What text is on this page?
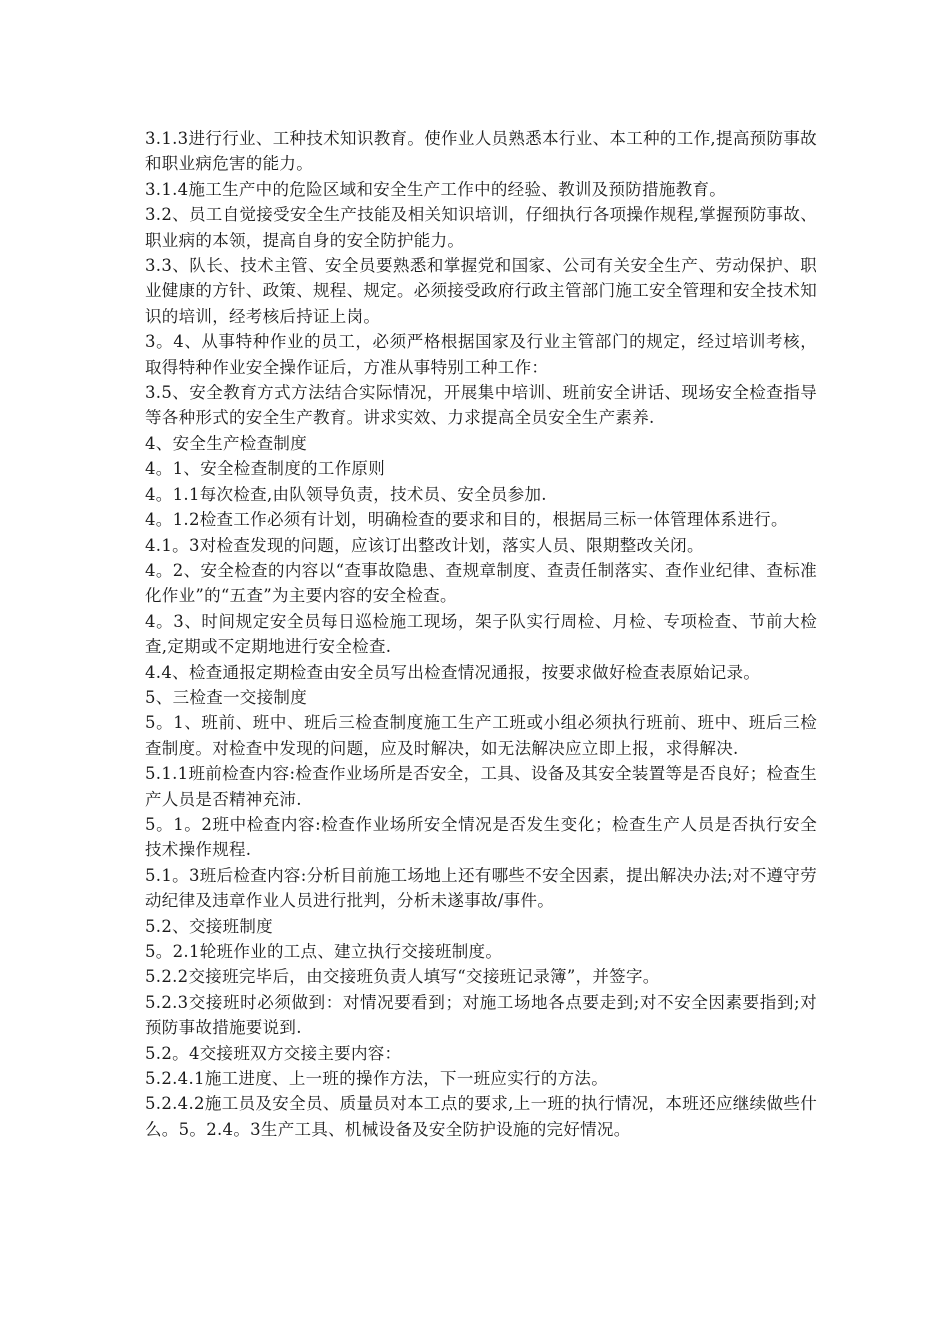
3.1.3进行行业、工种技术知识教育。使作业人员熟悉本行业、本工种的工作,提高预防事故和职业病危害的能力。

3.1.4施工生产中的危险区域和安全生产工作中的经验、教训及预防措施教育。

3.2、员工自觉接受安全生产技能及相关知识培训，仔细执行各项操作规程,掌握预防事故、职业病的本领，提高自身的安全防护能力。

3.3、队长、技术主管、安全员要熟悉和掌握党和国家、公司有关安全生产、劳动保护、职业健康的方针、政策、规程、规定。必须接受政府行政主管部门施工安全管理和安全技术知识的培训，经考核后持证上岗。

3。4、从事特种作业的员工，必须严格根据国家及行业主管部门的规定，经过培训考核，取得特种作业安全操作证后，方准从事特别工种工作：

3.5、安全教育方式方法结合实际情况，开展集中培训、班前安全讲话、现场安全检查指导等各种形式的安全生产教育。讲求实效、力求提高全员安全生产素养.

4、安全生产检查制度

4。1、安全检查制度的工作原则

4。1.1每次检查,由队领导负责，技术员、安全员参加.

4。1.2检查工作必须有计划，明确检查的要求和目的，根据局三标一体管理体系进行。

4.1。3对检查发现的问题，应该订出整改计划，落实人员、限期整改关闭。

4。2、安全检查的内容以“查事故隐患、查规章制度、查责任制落实、查作业纪律、查标准化作业”的“五查”为主要内容的安全检查。

4。3、时间规定安全员每日巡检施工现场，架子队实行周检、月检、专项检查、节前大检查,定期或不定期地进行安全检查.

4.4、检查通报定期检查由安全员写出检查情况通报，按要求做好检查表原始记录。

5、三检查一交接制度

5。1、班前、班中、班后三检查制度施工生产工班或小组必须执行班前、班中、班后三检查制度。对检查中发现的问题，应及时解决，如无法解决应立即上报，求得解决.

5.1.1班前检查内容:检查作业场所是否安全，工具、设备及其安全装置等是否良好；检查生产人员是否精神充沛.

5。1。2班中检查内容:检查作业场所安全情况是否发生变化；检查生产人员是否执行安全技术操作规程.

5.1。3班后检查内容:分析目前施工场地上还有哪些不安全因素，提出解决办法;对不遵守劳动纪律及违章作业人员进行批判，分析未遂事故/事件。

5.2、交接班制度

5。2.1轮班作业的工点、建立执行交接班制度。

5.2.2交接班完毕后，由交接班负责人填写“交接班记录簿”，并签字。

5.2.3交接班时必须做到：对情况要看到；对施工场地各点要走到;对不安全因素要指到;对预防事故措施要说到.

5.2。4交接班双方交接主要内容：

5.2.4.1施工进度、上一班的操作方法，下一班应实行的方法。

5.2.4.2施工员及安全员、质量员对本工点的要求,上一班的执行情况，本班还应继续做些什么。5。2.4。3生产工具、机械设备及安全防护设施的完好情况。
